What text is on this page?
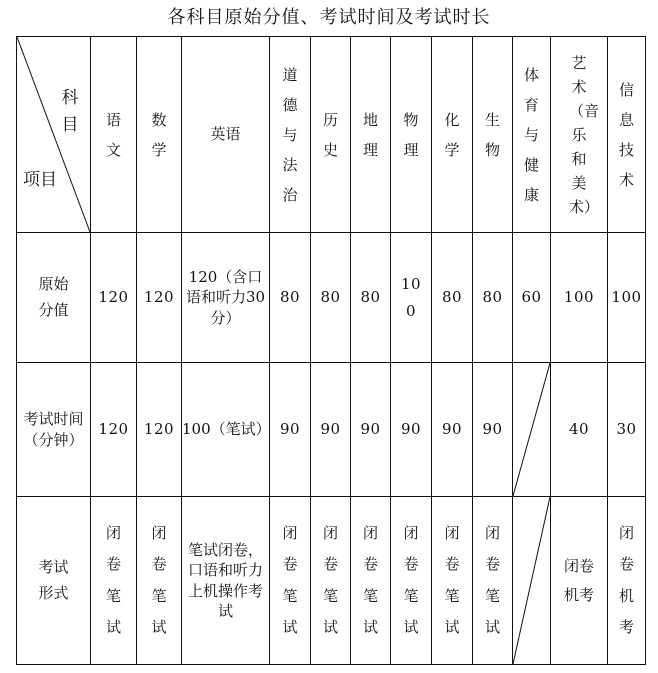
各科目原始分值、考试时间及考试时长
科目
项目	语文	数学	英语	道德与法治	历史	地理	物理	化学	生物	体育与健康	艺术（音乐和美术）	信息技术
原始分值	120	120	120（含口语和听力30分）	80	80	80	100	80	80	60	100	100
考试时间（分钟）	120	120	100（笔试）	90	90	90	90	90	90		40	30
考试形式	闭卷笔试	闭卷笔试	笔试闭卷，口语和听力上机操作考试	闭卷笔试	闭卷笔试	闭卷笔试	闭卷笔试	闭卷笔试	闭卷笔试		闭卷机考	闭卷机考
